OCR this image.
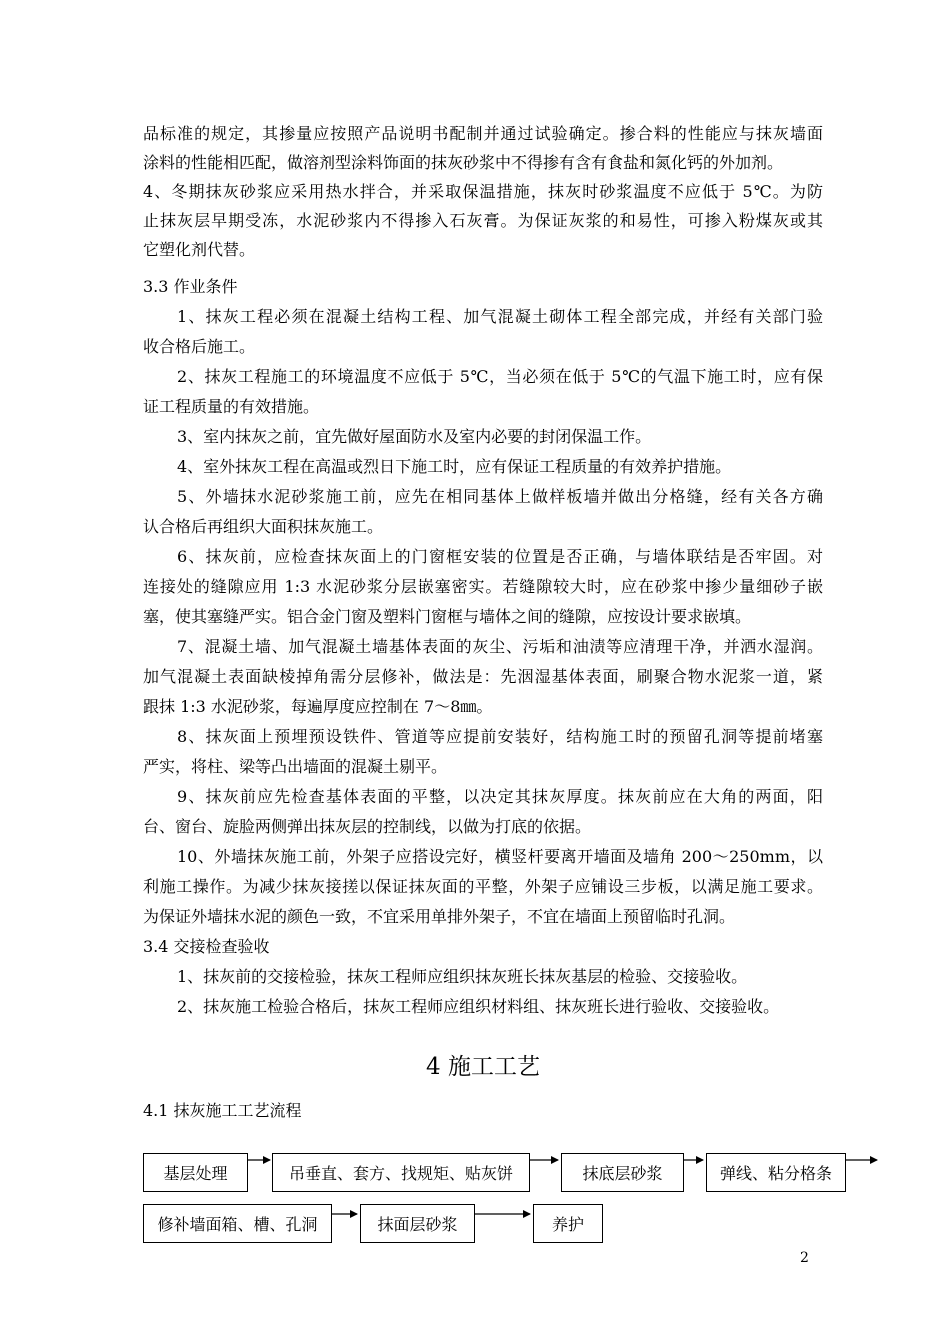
品标准的规定，其掺量应按照产品说明书配制并通过试验确定。掺合料的性能应与抹灰墙面
涂料的性能相匹配，做溶剂型涂料饰面的抹灰砂浆中不得掺有含有食盐和氮化钙的外加剂。
4、冬期抹灰砂浆应采用热水拌合，并采取保温措施，抹灰时砂浆温度不应低于 5℃。为防
止抹灰层早期受冻，水泥砂浆内不得掺入石灰膏。为保证灰浆的和易性，可掺入粉煤灰或其
它塑化剂代替。
3.3 作业条件
1、抹灰工程必须在混凝土结构工程、加气混凝土砌体工程全部完成，并经有关部门验
收合格后施工。
2、抹灰工程施工的环境温度不应低于 5℃，当必须在低于 5℃的气温下施工时，应有保
证工程质量的有效措施。
3、室内抹灰之前，宜先做好屋面防水及室内必要的封闭保温工作。
4、室外抹灰工程在高温或烈日下施工时，应有保证工程质量的有效养护措施。
5、外墙抹水泥砂浆施工前，应先在相同基体上做样板墙并做出分格缝，经有关各方确
认合格后再组织大面积抹灰施工。
6、抹灰前，应检查抹灰面上的门窗框安装的位置是否正确，与墙体联结是否牢固。对
连接处的缝隙应用 1:3 水泥砂浆分层嵌塞密实。若缝隙较大时，应在砂浆中掺少量细砂子嵌
塞，使其塞缝严实。铝合金门窗及塑料门窗框与墙体之间的缝隙，应按设计要求嵌填。
7、混凝土墙、加气混凝土墙基体表面的灰尘、污垢和油渍等应清理干净，并洒水湿润。
加气混凝土表面缺棱掉角需分层修补，做法是：先洇湿基体表面，刷聚合物水泥浆一道，紧
跟抹 1:3 水泥砂浆，每遍厚度应控制在 7～8㎜。
8、抹灰面上预埋预设铁件、管道等应提前安装好，结构施工时的预留孔洞等提前堵塞
严实，将柱、梁等凸出墙面的混凝土剔平。
9、抹灰前应先检查基体表面的平整，以决定其抹灰厚度。抹灰前应在大角的两面，阳
台、窗台、旋脸两侧弹出抹灰层的控制线，以做为打底的依据。
10、外墙抹灰施工前，外架子应搭设完好，横竖杆要离开墙面及墙角 200～250mm，以
利施工操作。为减少抹灰接搓以保证抹灰面的平整，外架子应铺设三步板，以满足施工要求。
为保证外墙抹水泥的颜色一致，不宜采用单排外架子，不宜在墙面上预留临时孔洞。
3.4 交接检查验收
1、抹灰前的交接检验，抹灰工程师应组织抹灰班长抹灰基层的检验、交接验收。
2、抹灰施工检验合格后，抹灰工程师应组织材料组、抹灰班长进行验收、交接验收。
4 施工工艺
4.1 抹灰施工工艺流程
基层处理	吊垂直、套方、找规矩、贴灰饼	抹底层砂浆	弹线、粘分格条
修补墙面箱、槽、孔洞	抹面层砂浆	养护
2
